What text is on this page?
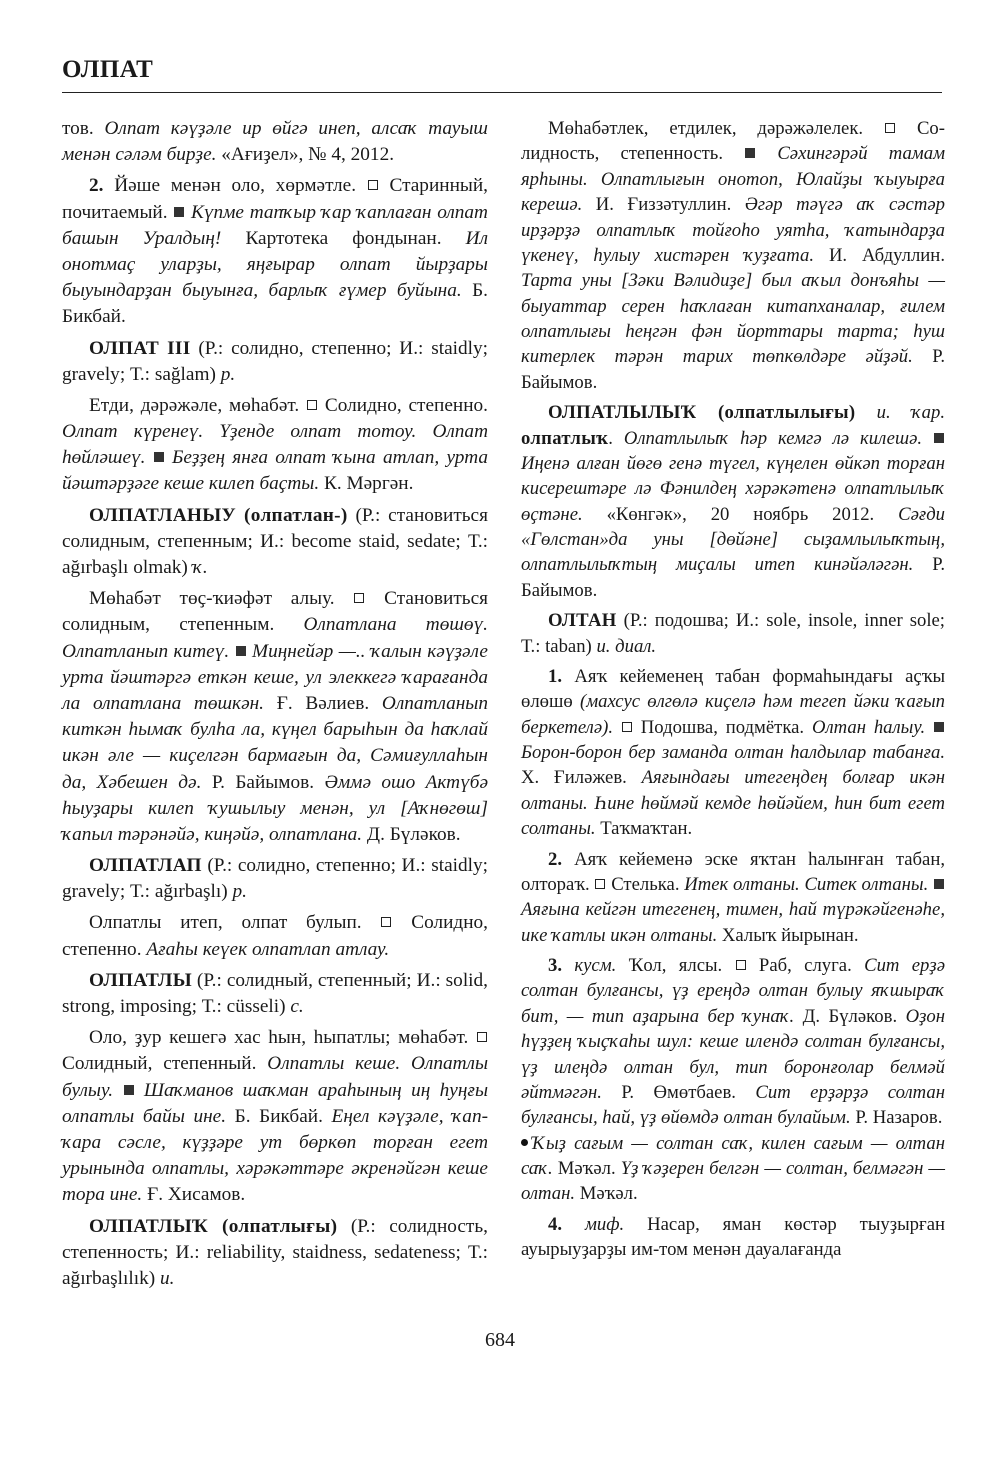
ОЛПАТ

тов. Олпат кәүҙәле ир өйгә инеп, алсаҡ тауыш менән сәләм бирҙе. «Ағиҙел», № 4, 2012.

2. Йәше менән оло, хөрмәтле.  Старинный, почитаемый.  Күпме тапҡыр ҡар ҡаплаған олпат башын Уралдың! Картотека фондынан. Ил онотмаҫ уларҙы, яңғырар олпат йырҙары быуындарҙан быуынға, барлыҡ ғүмер буйына. Б. Бикбай.

ОЛПАТ III (Р.: солидно, степенно; И.: staidly; gravely; Т.: sağlam) р.

Етди, дәрәжәле, мөһабәт.  Солидно, степенно. Олпат күренеү. Үҙенде олпат тотоу. Олпат һөйләшеү.  Беҙҙең янға олпат ҡына атлап, урта йәштәрҙәге кеше килеп баҫты. К. Мәргән.

ОЛПАТЛАНЫУ (олпатлан-) (Р.: становиться солидным, степенным; И.: become staid, sedate; Т.: ağırbaşlı olmak) ҡ.

Мөһабәт төҫ-ҡиәфәт алыу.  Становиться солидным, степенным. Олпатлана төшөү. Олпатланып китеү.  Миңнейәр —.. ҡалын кәүҙәле урта йәштәргә еткән кеше, ул элеккегә ҡарағанда ла олпатлана төшкән. Ғ. Вәлиев. Олпатланып киткән һымаҡ булһа ла, күңел барыһын да һаҡлай икән әле — киҫелгән бармағын да, Сәмиғуллаһын да, Хәбешен дә. Р. Байымов. Әммә ошо Актүбә һыуҙары килеп ҡушылыу менән, ул [Аҡнөгөш] ҡапыл тәрәнәйә, киңәйә, олпатлана. Д. Бүләков.

ОЛПАТЛАП (Р.: солидно, степенно; И.: staidly; gravely; Т.: ağırbaşlı) р.

Олпатлы итеп, олпат булып.  Солидно, степенно. Ағаһы кеүек олпатлап атлау.

ОЛПАТЛЫ (Р.: солидный, степенный; И.: solid, strong, imposing; Т.: cüsseli) с.

Оло, ҙур кешегә хас һын, һыпатлы; мөһабәт.  Солидный, степенный. Олпатлы кеше. Олпатлы булыу.  Шаҡманов шаҡман араһының иң һуңғы олпатлы байы ине. Б. Бикбай. Еңел кәүҙәле, ҡап-ҡара сәсле, күҙҙәре ут бөркөп торған егет урынында олпатлы, хәрәкәттәре әкренәйгән кеше тора ине. Ғ. Хисамов.

ОЛПАТЛЫҠ (олпатлығы) (Р.: солидность, степенность; И.: reliability, staidness, sedateness; Т.: ağırbaşlılık) и.

Мөһабәтлек, етдилек, дәрәжәлелек.  Солидность, степенность.  Сәхингәрәй тамам ярһыны. Олпатлығын онотоп, Юлайҙы ҡыуырға керешә. И. Ғиззәтуллин. Әгәр тәүгә аҡ сәстәр ирҙәрҙә олпатлыҡ тойғоһо уятһа, ҡатындарҙа үкенеү, һулыу хистәрен ҡуҙғата. И. Абдуллин. Тарта уны [Зәки Вәлидиҙе] был аҡыл донъяһы — быуаттар серен һаҡлаған китапханалар, ғилем олпатлығы һеңгән фән йорттары тарта; һуш китерлек тәрән тарих төпкөлдәре әйҙәй. Р. Байымов.

ОЛПАТЛЫЛЫҠ (олпатлылығы) и. ҡар. олпатлыҡ. Олпатлылыҡ һәр кемгә лә килешә.  Иңенә алған йөгө генә түгел, күңелен өйкәп торған кисерештәре лә Фәнилдең хәрәкәтенә олпатлылыҡ өҫтәне. «Көнгәк», 20 ноябрь 2012. Сәғди «Гөлстан»да уны [дөйәне] сыҙамлылыҡтың, олпатлылыҡтың миҫалы итеп кинәйәләгән. Р. Байымов.

ОЛТАН (Р.: подошва; И.: sole, insole, inner sole; Т.: taban) и. диал.

1. Аяҡ кейеменең табан формаһындағы аҫҡы өлөшө (махсус өлгөлә киҫелә һәм тегеп йәки ҡағып беркетелә).  Подошва, подмётка. Олтан һалыу.  Борон-борон бер заманда олтан һалдылар табанға. Х. Ғиләжев. Аяғындағы итегеңдең болғар икән олтаны. Һине һөймәй кемде һөйәйем, һин бит егет солтаны. Таҡмаҡтан.

2. Аяҡ кейеменә эске яҡтан һалынған табан, олтораҡ.  Стелька. Итек олтаны. Ситек олтаны.  Аяғына кейгән итегенең, тимен, һай түрәкәйгенәһе, икe ҡатлы икән олтаны. Халыҡ йырынан.

3. кусм. Ҡол, ялсы.  Раб, слуга. Сит ерҙә солтан булғансы, үҙ ереңдә олтан булыу яҡшыраҡ бит, — тип аҙарына бер ҡунаҡ. Д. Бүләков. Оҙон һүҙҙең ҡыҫҡаһы шул: кеше илендә солтан булғансы, үҙ илеңдә олтан бул, тип боронғолар белмәй әйтмәгән. Р. Өмөтбаев. Сит ерҙәрҙә солтан булғансы, һай, үҙ өйөмдә олтан булайым. Р. Назаров.
Ҡыҙ сағым — солтан саҡ, килен сағым — олтан саҡ. Мәҡәл. Үҙ ҡәҙерен белгән — солтан, белмәгән — олтан. Мәҡәл.

4. миф. Насар, яман көстәр тыуҙырған ауырыуҙарҙы им-том менән дауалағанда

684
